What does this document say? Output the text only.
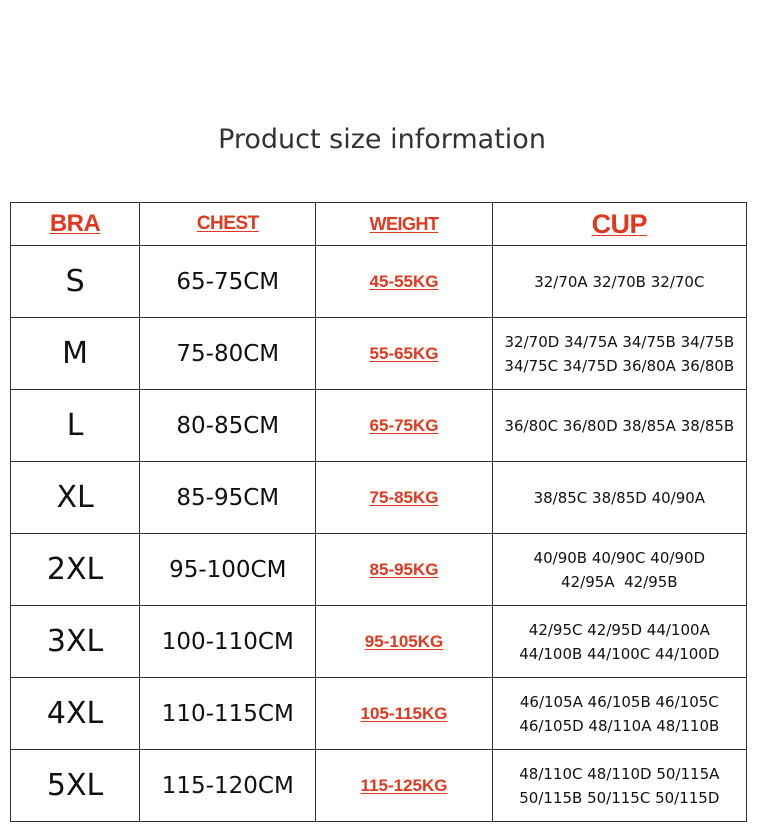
Product size information
BRA	CHEST	WEIGHT	CUP
S	65-75CM	45-55KG	32/70A 32/70B 32/70C

M	75-80CM	55-65KG	32/70D 34/75A 34/75B 34/75B
34/75C 34/75D 36/80A 36/80B

L	80-85CM	65-75KG	36/80C 36/80D 38/85A 38/85B

XL	85-95CM	75-85KG	38/85C 38/85D 40/90A

2XL	95-100CM	85-95KG	40/90B 40/90C 40/90D
42/95A  42/95B

3XL	100-110CM	95-105KG	42/95C 42/95D 44/100A
44/100B 44/100C 44/100D

4XL	110-115CM	105-115KG	46/105A 46/105B 46/105C
46/105D 48/110A 48/110B

5XL	115-120CM	115-125KG	48/110C 48/110D 50/115A
50/115B 50/115C 50/115D
